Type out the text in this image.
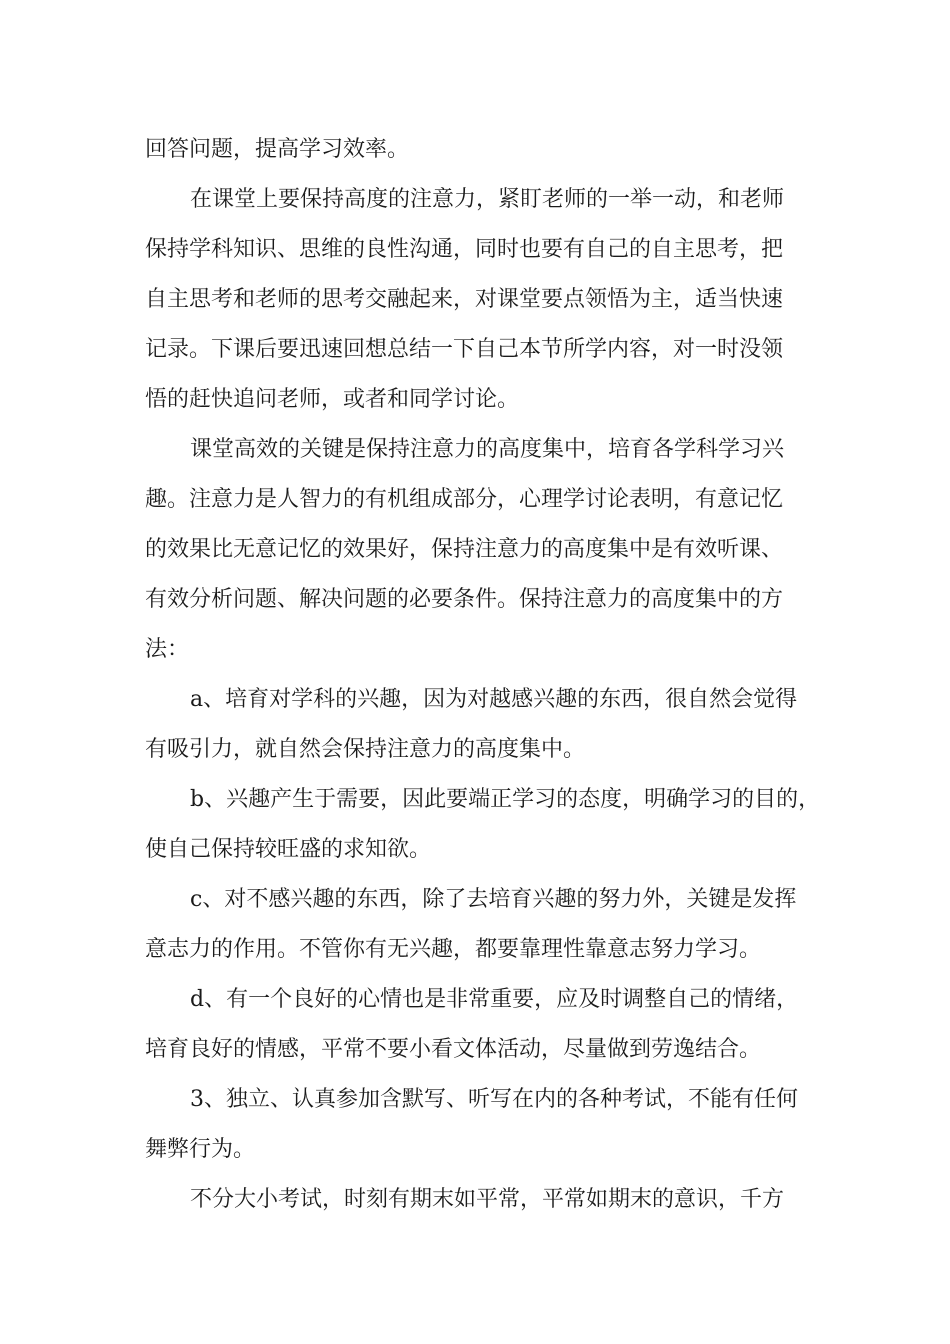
回答问题，提高学习效率。
在课堂上要保持高度的注意力，紧盯老师的一举一动，和老师
保持学科知识、思维的良性沟通，同时也要有自己的自主思考，把
自主思考和老师的思考交融起来，对课堂要点领悟为主，适当快速
记录。下课后要迅速回想总结一下自己本节所学内容，对一时没领
悟的赶快追问老师，或者和同学讨论。
课堂高效的关键是保持注意力的高度集中，培育各学科学习兴
趣。注意力是人智力的有机组成部分，心理学讨论表明，有意记忆
的效果比无意记忆的效果好，保持注意力的高度集中是有效听课、
有效分析问题、解决问题的必要条件。保持注意力的高度集中的方
法：
a、培育对学科的兴趣，因为对越感兴趣的东西，很自然会觉得
有吸引力，就自然会保持注意力的高度集中。
b、兴趣产生于需要，因此要端正学习的态度，明确学习的目的，
使自己保持较旺盛的求知欲。
c、对不感兴趣的东西，除了去培育兴趣的努力外，关键是发挥
意志力的作用。不管你有无兴趣，都要靠理性靠意志努力学习。
d、有一个良好的心情也是非常重要，应及时调整自己的情绪，
培育良好的情感，平常不要小看文体活动，尽量做到劳逸结合。
3、独立、认真参加含默写、听写在内的各种考试，不能有任何
舞弊行为。
不分大小考试，时刻有期末如平常，平常如期末的意识，千方
